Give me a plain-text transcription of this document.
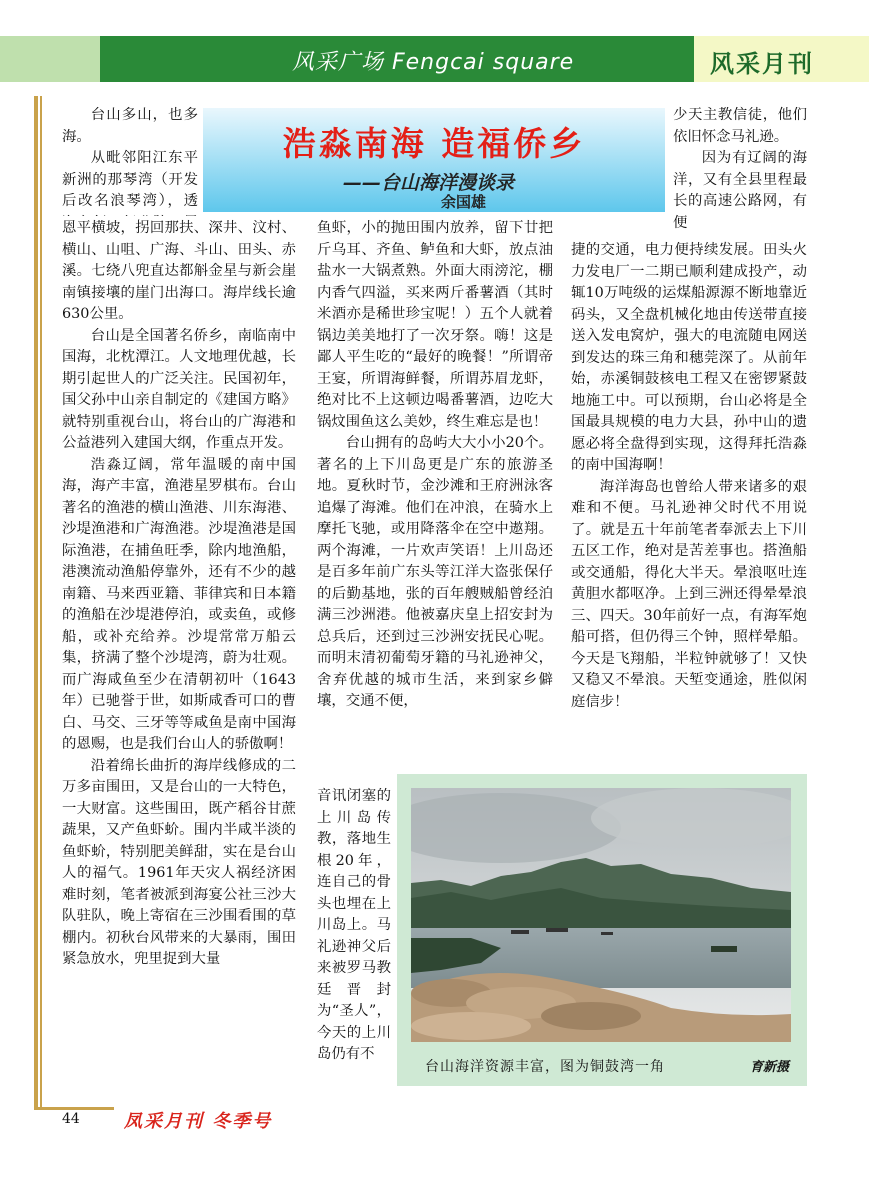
风采广场 Fengcai square	风采月刊
浩淼南海 造福侨乡
——台山海洋漫谈录
余国雄

台山多山，也多海。

从毗邻阳江东平新洲的那琴湾（开发后改名浪琴湾），透

恩平横坡，拐回那扶、深井、汶村、横山、山咀、广海、斗山、田头、赤溪。七绕八兜直达都斛金星与新会崖南镇接壤的崖门出海口。海岸线长逾630公里。

台山是全国著名侨乡，南临南中国海，北枕潭江。人文地理优越，长期引起世人的广泛关注。民国初年，国父孙中山亲自制定的《建国方略》就特别重视台山，将台山的广海港和公益港列入建国大纲，作重点开发。

浩淼辽阔，常年温暖的南中国海，海产丰富，渔港星罗棋布。台山著名的渔港的横山渔港、川东海港、沙堤渔港和广海渔港。沙堤渔港是国际渔港，在捕鱼旺季，除内地渔船，港澳流动渔船停靠外，还有不少的越南籍、马来西亚籍、菲律宾和日本籍的渔船在沙堤港停泊，或卖鱼，或修船，或补充给养。沙堤常常万船云集，挤满了整个沙堤湾，蔚为壮观。而广海咸鱼至少在清朝初叶（1643年）已驰誉于世，如斯咸香可口的曹白、马交、三牙等等咸鱼是南中国海的恩赐，也是我们台山人的骄傲啊！

沿着绵长曲折的海岸线修成的二万多亩围田，又是台山的一大特色，一大财富。这些围田，既产稻谷甘蔗蔬果，又产鱼虾蚧。围内半咸半淡的鱼虾蚧，特别肥美鲜甜，实在是台山人的福气。1961年天灾人祸经济困难时刻，笔者被派到海宴公社三沙大队驻队，晚上寄宿在三沙围看围的草棚内。初秋台风带来的大暴雨，围田紧急放水，兜里捉到大量

鱼虾，小的抛田围内放养，留下廿把斤乌耳、齐鱼、鲈鱼和大虾，放点油盐水一大锅煮熟。外面大雨滂沱，棚内香气四溢，买来两斤番薯酒（其时米酒亦是稀世珍宝呢！）五个人就着锅边美美地打了一次牙祭。嗨！这是鄙人平生吃的“最好的晚餐！”所谓帝王宴，所谓海鲜餐，所谓苏眉龙虾，绝对比不上这顿边喝番薯酒，边吃大锅炆围鱼这么美妙，终生难忘是也！

台山拥有的岛屿大大小小20个。著名的上下川岛更是广东的旅游圣地。夏秋时节，金沙滩和王府洲泳客追爆了海滩。他们在冲浪，在骑水上摩托飞驰，或用降落伞在空中遨翔。两个海滩，一片欢声笑语！上川岛还是百多年前广东头等江洋大盗张保仔的后勤基地，张的百年艘贼船曾经泊满三沙洲港。他被嘉庆皇上招安封为总兵后，还到过三沙洲安抚民心呢。而明末清初葡萄牙籍的马礼逊神父，舍弃优越的城市生活，来到家乡僻壤，交通不便，

音讯闭塞的上川岛传教，落地生根20年，连自己的骨头也埋在上川岛上。马礼逊神父后来被罗马教廷晋封为“圣人”，今天的上川岛仍有不

少天主教信徒，他们依旧怀念马礼逊。

因为有辽阔的海洋，又有全县里程最长的高速公路网，有便

捷的交通，电力便持续发展。田头火力发电厂一二期已顺利建成投产，动辄10万吨级的运煤船源源不断地靠近码头，又全盘机械化地由传送带直接送入发电窝炉，强大的电流随电网送到发达的珠三角和穗莞深了。从前年始，赤溪铜鼓核电工程又在密锣紧鼓地施工中。可以预期，台山必将是全国最具规模的电力大县，孙中山的遗愿必将全盘得到实现，这得拜托浩淼的南中国海啊！

海洋海岛也曾给人带来诸多的艰难和不便。马礼逊神父时代不用说了。就是五十年前笔者奉派去上下川五区工作，绝对是苦差事也。搭渔船或交通船，得化大半天。晕浪呕吐连黄胆水都呕净。上到三洲还得晕晕浪三、四天。30年前好一点，有海军炮船可搭，但仍得三个钟，照样晕船。今天是飞翔船，半粒钟就够了！又快又稳又不晕浪。天堑变通途，胜似闲庭信步！

台山海洋资源丰富，图为铜鼓湾一角	育新摄
44 凤采月刊 冬季号
